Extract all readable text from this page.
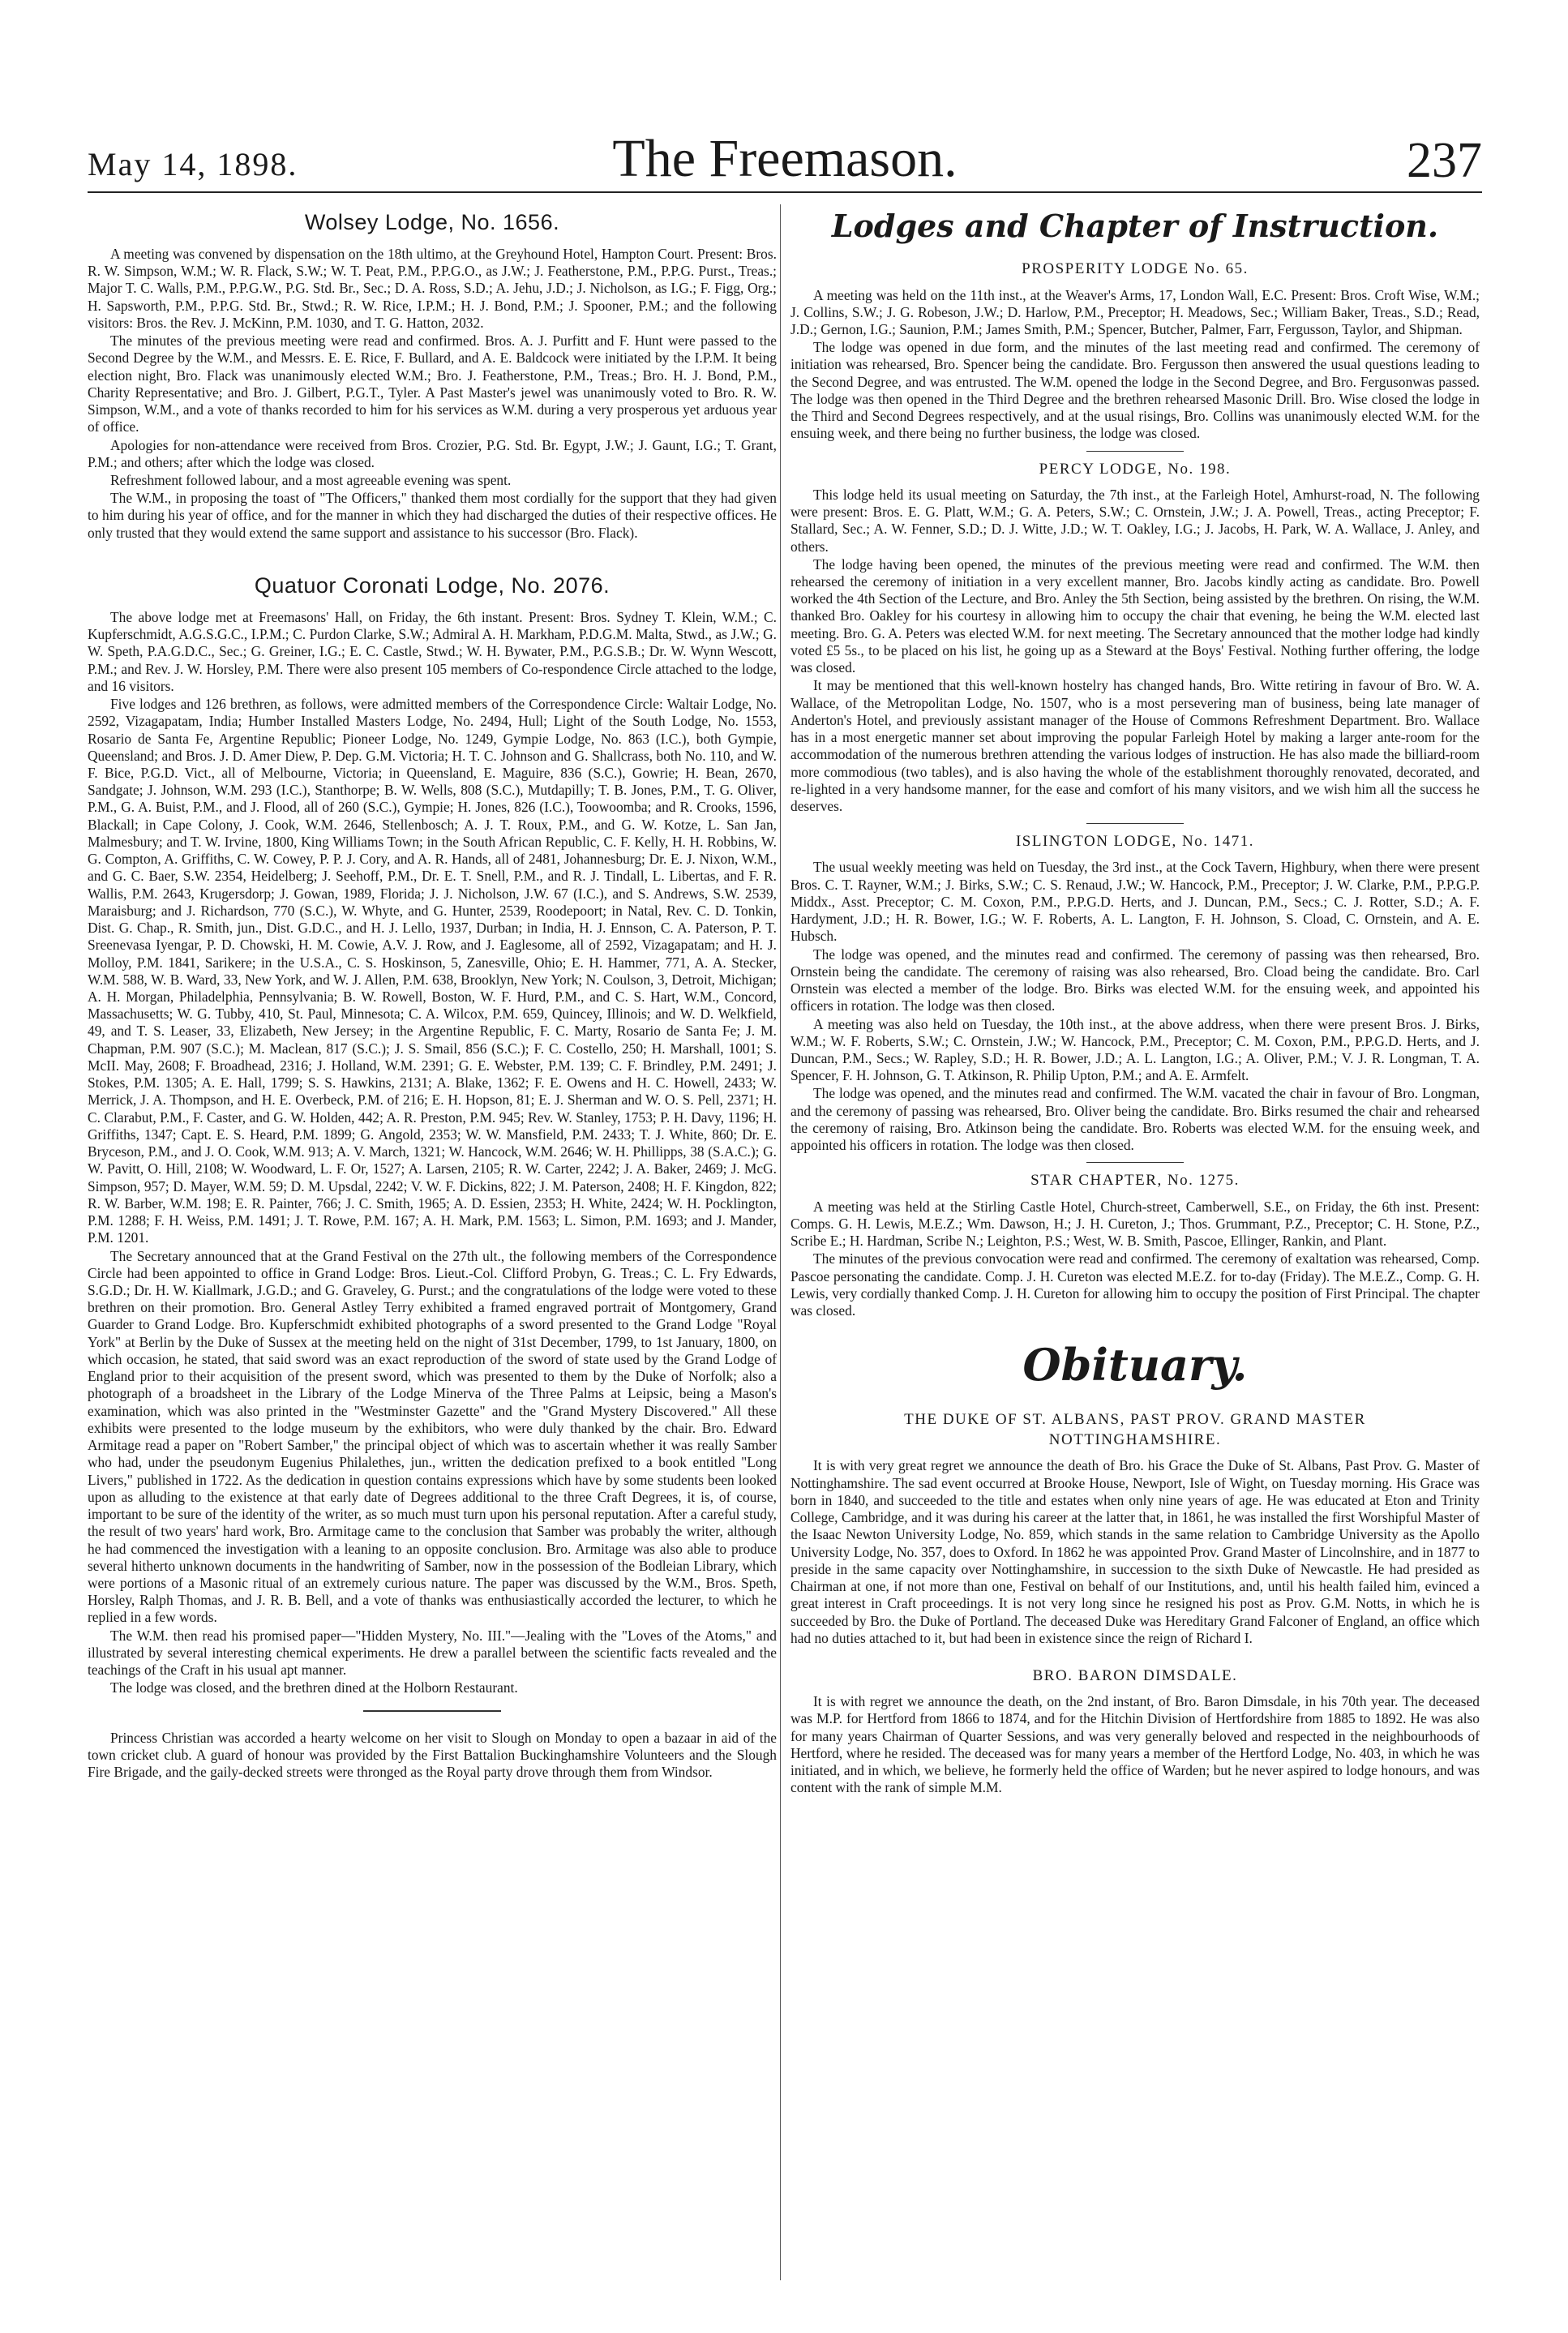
May 14, 1898.	The Freemason.	237
Wolsey Lodge, No. 1656.

A meeting was convened by dispensation on the 18th ultimo, at the Greyhound Hotel, Hampton Court. Present: Bros. R. W. Simpson, W.M.; W. R. Flack, S.W.; W. T. Peat, P.M., P.P.G.O., as J.W.; J. Featherstone, P.M., P.P.G. Purst., Treas.; Major T. C. Walls, P.M., P.P.G.W., P.G. Std. Br., Sec.; D. A. Ross, S.D.; A. Jehu, J.D.; J. Nicholson, as I.G.; F. Figg, Org.; H. Sapsworth, P.M., P.P.G. Std. Br., Stwd.; R. W. Rice, I.P.M.; H. J. Bond, P.M.; J. Spooner, P.M.; and the following visitors: Bros. the Rev. J. McKinn, P.M. 1030, and T. G. Hatton, 2032.

The minutes of the previous meeting were read and confirmed. Bros. A. J. Purfitt and F. Hunt were passed to the Second Degree by the W.M., and Messrs. E. E. Rice, F. Bullard, and A. E. Baldcock were initiated by the I.P.M. It being election night, Bro. Flack was unanimously elected W.M.; Bro. J. Featherstone, P.M., Treas.; Bro. H. J. Bond, P.M., Charity Representative; and Bro. J. Gilbert, P.G.T., Tyler. A Past Master's jewel was unanimously voted to Bro. R. W. Simpson, W.M., and a vote of thanks recorded to him for his services as W.M. during a very prosperous yet arduous year of office.

Apologies for non-attendance were received from Bros. Crozier, P.G. Std. Br. Egypt, J.W.; J. Gaunt, I.G.; T. Grant, P.M.; and others; after which the lodge was closed.

Refreshment followed labour, and a most agreeable evening was spent.

The W.M., in proposing the toast of "The Officers," thanked them most cordially for the support that they had given to him during his year of office, and for the manner in which they had discharged the duties of their respective offices. He only trusted that they would extend the same support and assistance to his successor (Bro. Flack).

Quatuor Coronati Lodge, No. 2076.

The above lodge met at Freemasons' Hall, on Friday, the 6th instant. Present: Bros. Sydney T. Klein, W.M.; C. Kupferschmidt, A.G.S.G.C., I.P.M.; C. Purdon Clarke, S.W.; Admiral A. H. Markham, P.D.G.M. Malta, Stwd., as J.W.; G. W. Speth, P.A.G.D.C., Sec.; G. Greiner, I.G.; E. C. Castle, Stwd.; W. H. Bywater, P.M., P.G.S.B.; Dr. W. Wynn Wescott, P.M.; and Rev. J. W. Horsley, P.M. There were also present 105 members of Co-respondence Circle attached to the lodge, and 16 visitors.

Five lodges and 126 brethren, as follows, were admitted members of the Correspondence Circle: Waltair Lodge, No. 2592, Vizagapatam, India; Humber Installed Masters Lodge, No. 2494, Hull; Light of the South Lodge, No. 1553, Rosario de Santa Fe, Argentine Republic; Pioneer Lodge, No. 1249, Gympie Lodge, No. 863 (I.C.), both Gympie, Queensland; and Bros. J. D. Amer Diew, P. Dep. G.M. Victoria; H. T. C. Johnson and G. Shallcrass, both No. 110, and W. F. Bice, P.G.D. Vict., all of Melbourne, Victoria; in Queensland, E. Maguire, 836 (S.C.), Gowrie; H. Bean, 2670, Sandgate; J. Johnson, W.M. 293 (I.C.), Stanthorpe; B. W. Wells, 808 (S.C.), Mutdapilly; T. B. Jones, P.M., T. G. Oliver, P.M., G. A. Buist, P.M., and J. Flood, all of 260 (S.C.), Gympie; H. Jones, 826 (I.C.), Toowoomba; and R. Crooks, 1596, Blackall; in Cape Colony, J. Cook, W.M. 2646, Stellenbosch; A. J. T. Roux, P.M., and G. W. Kotze, L. San Jan, Malmesbury; and T. W. Irvine, 1800, King Williams Town; in the South African Republic, C. F. Kelly, H. H. Robbins, W. G. Compton, A. Griffiths, C. W. Cowey, P. P. J. Cory, and A. R. Hands, all of 2481, Johannesburg; Dr. E. J. Nixon, W.M., and G. C. Baer, S.W. 2354, Heidelberg; J. Seehoff, P.M., Dr. E. T. Snell, P.M., and R. J. Tindall, L. Libertas, and F. R. Wallis, P.M. 2643, Krugersdorp; J. Gowan, 1989, Florida; J. J. Nicholson, J.W. 67 (I.C.), and S. Andrews, S.W. 2539, Maraisburg; and J. Richardson, 770 (S.C.), W. Whyte, and G. Hunter, 2539, Roodepoort; in Natal, Rev. C. D. Tonkin, Dist. G. Chap., R. Smith, jun., Dist. G.D.C., and H. J. Lello, 1937, Durban; in India, H. J. Ennson, C. A. Paterson, P. T. Sreenevasa Iyengar, P. D. Chowski, H. M. Cowie, A.V. J. Row, and J. Eaglesome, all of 2592, Vizagapatam; and H. J. Molloy, P.M. 1841, Sarikere; in the U.S.A., C. S. Hoskinson, 5, Zanesville, Ohio; E. H. Hammer, 771, A. A. Stecker, W.M. 588, W. B. Ward, 33, New York, and W. J. Allen, P.M. 638, Brooklyn, New York; N. Coulson, 3, Detroit, Michigan; A. H. Morgan, Philadelphia, Pennsylvania; B. W. Rowell, Boston, W. F. Hurd, P.M., and C. S. Hart, W.M., Concord, Massachusetts; W. G. Tubby, 410, St. Paul, Minnesota; C. A. Wilcox, P.M. 659, Quincey, Illinois; and W. D. Welkfield, 49, and T. S. Leaser, 33, Elizabeth, New Jersey; in the Argentine Republic, F. C. Marty, Rosario de Santa Fe; J. M. Chapman, P.M. 907 (S.C.); M. Maclean, 817 (S.C.); J. S. Smail, 856 (S.C.); F. C. Costello, 250; H. Marshall, 1001; S. McII. May, 2608; F. Broadhead, 2316; J. Holland, W.M. 2391; G. E. Webster, P.M. 139; C. F. Brindley, P.M. 2491; J. Stokes, P.M. 1305; A. E. Hall, 1799; S. S. Hawkins, 2131; A. Blake, 1362; F. E. Owens and H. C. Howell, 2433; W. Merrick, J. A. Thompson, and H. E. Overbeck, P.M. of 216; E. H. Hopson, 81; E. J. Sherman and W. O. S. Pell, 2371; H. C. Clarabut, P.M., F. Caster, and G. W. Holden, 442; A. R. Preston, P.M. 945; Rev. W. Stanley, 1753; P. H. Davy, 1196; H. Griffiths, 1347; Capt. E. S. Heard, P.M. 1899; G. Angold, 2353; W. W. Mansfield, P.M. 2433; T. J. White, 860; Dr. E. Bryceson, P.M., and J. O. Cook, W.M. 913; A. V. March, 1321; W. Hancock, W.M. 2646; W. H. Phillipps, 38 (S.A.C.); G. W. Pavitt, O. Hill, 2108; W. Woodward, L. F. Or, 1527; A. Larsen, 2105; R. W. Carter, 2242; J. A. Baker, 2469; J. McG. Simpson, 957; D. Mayer, W.M. 59; D. M. Upsdal, 2242; V. W. F. Dickins, 822; J. M. Paterson, 2408; H. F. Kingdon, 822; R. W. Barber, W.M. 198; E. R. Painter, 766; J. C. Smith, 1965; A. D. Essien, 2353; H. White, 2424; W. H. Pocklington, P.M. 1288; F. H. Weiss, P.M. 1491; J. T. Rowe, P.M. 167; A. H. Mark, P.M. 1563; L. Simon, P.M. 1693; and J. Mander, P.M. 1201.

The Secretary announced that at the Grand Festival on the 27th ult., the following members of the Correspondence Circle had been appointed to office in Grand Lodge: Bros. Lieut.-Col. Clifford Probyn, G. Treas.; C. L. Fry Edwards, S.G.D.; Dr. H. W. Kiallmark, J.G.D.; and G. Graveley, G. Purst.; and the congratulations of the lodge were voted to these brethren on their promotion. Bro. General Astley Terry exhibited a framed engraved portrait of Montgomery, Grand Guarder to Grand Lodge. Bro. Kupferschmidt exhibited photographs of a sword presented to the Grand Lodge "Royal York" at Berlin by the Duke of Sussex at the meeting held on the night of 31st December, 1799, to 1st January, 1800, on which occasion, he stated, that said sword was an exact reproduction of the sword of state used by the Grand Lodge of England prior to their acquisition of the present sword, which was presented to them by the Duke of Norfolk; also a photograph of a broadsheet in the Library of the Lodge Minerva of the Three Palms at Leipsic, being a Mason's examination, which was also printed in the "Westminster Gazette" and the "Grand Mystery Discovered." All these exhibits were presented to the lodge museum by the exhibitors, who were duly thanked by the chair. Bro. Edward Armitage read a paper on "Robert Samber," the principal object of which was to ascertain whether it was really Samber who had, under the pseudonym Eugenius Philalethes, jun., written the dedication prefixed to a book entitled "Long Livers," published in 1722. As the dedication in question contains expressions which have by some students been looked upon as alluding to the existence at that early date of Degrees additional to the three Craft Degrees, it is, of course, important to be sure of the identity of the writer, as so much must turn upon his personal reputation. After a careful study, the result of two years' hard work, Bro. Armitage came to the conclusion that Samber was probably the writer, although he had commenced the investigation with a leaning to an opposite conclusion. Bro. Armitage was also able to produce several hitherto unknown documents in the handwriting of Samber, now in the possession of the Bodleian Library, which were portions of a Masonic ritual of an extremely curious nature. The paper was discussed by the W.M., Bros. Speth, Horsley, Ralph Thomas, and J. R. B. Bell, and a vote of thanks was enthusiastically accorded the lecturer, to which he replied in a few words.

The W.M. then read his promised paper—"Hidden Mystery, No. III."—Jealing with the "Loves of the Atoms," and illustrated by several interesting chemical experiments. He drew a parallel between the scientific facts revealed and the teachings of the Craft in his usual apt manner.

The lodge was closed, and the brethren dined at the Holborn Restaurant.

Princess Christian was accorded a hearty welcome on her visit to Slough on Monday to open a bazaar in aid of the town cricket club. A guard of honour was provided by the First Battalion Buckinghamshire Volunteers and the Slough Fire Brigade, and the gaily-decked streets were thronged as the Royal party drove through them from Windsor.

Lodges and Chapter of Instruction.
PROSPERITY LODGE No. 65.

A meeting was held on the 11th inst., at the Weaver's Arms, 17, London Wall, E.C. Present: Bros. Croft Wise, W.M.; J. Collins, S.W.; J. G. Robeson, J.W.; D. Harlow, P.M., Preceptor; H. Meadows, Sec.; William Baker, Treas., S.D.; Read, J.D.; Gernon, I.G.; Saunion, P.M.; James Smith, P.M.; Spencer, Butcher, Palmer, Farr, Fergusson, Taylor, and Shipman.

The lodge was opened in due form, and the minutes of the last meeting read and confirmed. The ceremony of initiation was rehearsed, Bro. Spencer being the candidate. Bro. Fergusson then answered the usual questions leading to the Second Degree, and was entrusted. The W.M. opened the lodge in the Second Degree, and Bro. Fergusonwas passed. The lodge was then opened in the Third Degree and the brethren rehearsed Masonic Drill. Bro. Wise closed the lodge in the Third and Second Degrees respectively, and at the usual risings, Bro. Collins was unanimously elected W.M. for the ensuing week, and there being no further business, the lodge was closed.

PERCY LODGE, No. 198.

This lodge held its usual meeting on Saturday, the 7th inst., at the Farleigh Hotel, Amhurst-road, N. The following were present: Bros. E. G. Platt, W.M.; G. A. Peters, S.W.; C. Ornstein, J.W.; J. A. Powell, Treas., acting Preceptor; F. Stallard, Sec.; A. W. Fenner, S.D.; D. J. Witte, J.D.; W. T. Oakley, I.G.; J. Jacobs, H. Park, W. A. Wallace, J. Anley, and others.

The lodge having been opened, the minutes of the previous meeting were read and confirmed. The W.M. then rehearsed the ceremony of initiation in a very excellent manner, Bro. Jacobs kindly acting as candidate. Bro. Powell worked the 4th Section of the Lecture, and Bro. Anley the 5th Section, being assisted by the brethren. On rising, the W.M. thanked Bro. Oakley for his courtesy in allowing him to occupy the chair that evening, he being the W.M. elected last meeting. Bro. G. A. Peters was elected W.M. for next meeting. The Secretary announced that the mother lodge had kindly voted £5 5s., to be placed on his list, he going up as a Steward at the Boys' Festival. Nothing further offering, the lodge was closed.

It may be mentioned that this well-known hostelry has changed hands, Bro. Witte retiring in favour of Bro. W. A. Wallace, of the Metropolitan Lodge, No. 1507, who is a most persevering man of business, being late manager of Anderton's Hotel, and previously assistant manager of the House of Commons Refreshment Department. Bro. Wallace has in a most energetic manner set about improving the popular Farleigh Hotel by making a larger ante-room for the accommodation of the numerous brethren attending the various lodges of instruction. He has also made the billiard-room more commodious (two tables), and is also having the whole of the establishment thoroughly renovated, decorated, and re-lighted in a very handsome manner, for the ease and comfort of his many visitors, and we wish him all the success he deserves.

ISLINGTON LODGE, No. 1471.

The usual weekly meeting was held on Tuesday, the 3rd inst., at the Cock Tavern, Highbury, when there were present Bros. C. T. Rayner, W.M.; J. Birks, S.W.; C. S. Renaud, J.W.; W. Hancock, P.M., Preceptor; J. W. Clarke, P.M., P.P.G.P. Middx., Asst. Preceptor; C. M. Coxon, P.M., P.P.G.D. Herts, and J. Duncan, P.M., Secs.; C. J. Rotter, S.D.; A. F. Hardyment, J.D.; H. R. Bower, I.G.; W. F. Roberts, A. L. Langton, F. H. Johnson, S. Cload, C. Ornstein, and A. E. Hubsch.

The lodge was opened, and the minutes read and confirmed. The ceremony of passing was then rehearsed, Bro. Ornstein being the candidate. The ceremony of raising was also rehearsed, Bro. Cload being the candidate. Bro. Carl Ornstein was elected a member of the lodge. Bro. Birks was elected W.M. for the ensuing week, and appointed his officers in rotation. The lodge was then closed.

A meeting was also held on Tuesday, the 10th inst., at the above address, when there were present Bros. J. Birks, W.M.; W. F. Roberts, S.W.; C. Ornstein, J.W.; W. Hancock, P.M., Preceptor; C. M. Coxon, P.M., P.P.G.D. Herts, and J. Duncan, P.M., Secs.; W. Rapley, S.D.; H. R. Bower, J.D.; A. L. Langton, I.G.; A. Oliver, P.M.; V. J. R. Longman, T. A. Spencer, F. H. Johnson, G. T. Atkinson, R. Philip Upton, P.M.; and A. E. Armfelt.

The lodge was opened, and the minutes read and confirmed. The W.M. vacated the chair in favour of Bro. Longman, and the ceremony of passing was rehearsed, Bro. Oliver being the candidate. Bro. Birks resumed the chair and rehearsed the ceremony of raising, Bro. Atkinson being the candidate. Bro. Roberts was elected W.M. for the ensuing week, and appointed his officers in rotation. The lodge was then closed.

STAR CHAPTER, No. 1275.

A meeting was held at the Stirling Castle Hotel, Church-street, Camberwell, S.E., on Friday, the 6th inst. Present: Comps. G. H. Lewis, M.E.Z.; Wm. Dawson, H.; J. H. Cureton, J.; Thos. Grummant, P.Z., Preceptor; C. H. Stone, P.Z., Scribe E.; H. Hardman, Scribe N.; Leighton, P.S.; West, W. B. Smith, Pascoe, Ellinger, Rankin, and Plant.

The minutes of the previous convocation were read and confirmed. The ceremony of exaltation was rehearsed, Comp. Pascoe personating the candidate. Comp. J. H. Cureton was elected M.E.Z. for to-day (Friday). The M.E.Z., Comp. G. H. Lewis, very cordially thanked Comp. J. H. Cureton for allowing him to occupy the position of First Principal. The chapter was closed.

Obituary.
THE DUKE OF ST. ALBANS, PAST PROV. GRAND MASTER
NOTTINGHAMSHIRE.

It is with very great regret we announce the death of Bro. his Grace the Duke of St. Albans, Past Prov. G. Master of Nottinghamshire. The sad event occurred at Brooke House, Newport, Isle of Wight, on Tuesday morning. His Grace was born in 1840, and succeeded to the title and estates when only nine years of age. He was educated at Eton and Trinity College, Cambridge, and it was during his career at the latter that, in 1861, he was installed the first Worshipful Master of the Isaac Newton University Lodge, No. 859, which stands in the same relation to Cambridge University as the Apollo University Lodge, No. 357, does to Oxford. In 1862 he was appointed Prov. Grand Master of Lincolnshire, and in 1877 to preside in the same capacity over Nottinghamshire, in succession to the sixth Duke of Newcastle. He had presided as Chairman at one, if not more than one, Festival on behalf of our Institutions, and, until his health failed him, evinced a great interest in Craft proceedings. It is not very long since he resigned his post as Prov. G.M. Notts, in which he is succeeded by Bro. the Duke of Portland. The deceased Duke was Hereditary Grand Falconer of England, an office which had no duties attached to it, but had been in existence since the reign of Richard I.

BRO. BARON DIMSDALE.

It is with regret we announce the death, on the 2nd instant, of Bro. Baron Dimsdale, in his 70th year. The deceased was M.P. for Hertford from 1866 to 1874, and for the Hitchin Division of Hertfordshire from 1885 to 1892. He was also for many years Chairman of Quarter Sessions, and was very generally beloved and respected in the neighbourhoods of Hertford, where he resided. The deceased was for many years a member of the Hertford Lodge, No. 403, in which he was initiated, and in which, we believe, he formerly held the office of Warden; but he never aspired to lodge honours, and was content with the rank of simple M.M.
